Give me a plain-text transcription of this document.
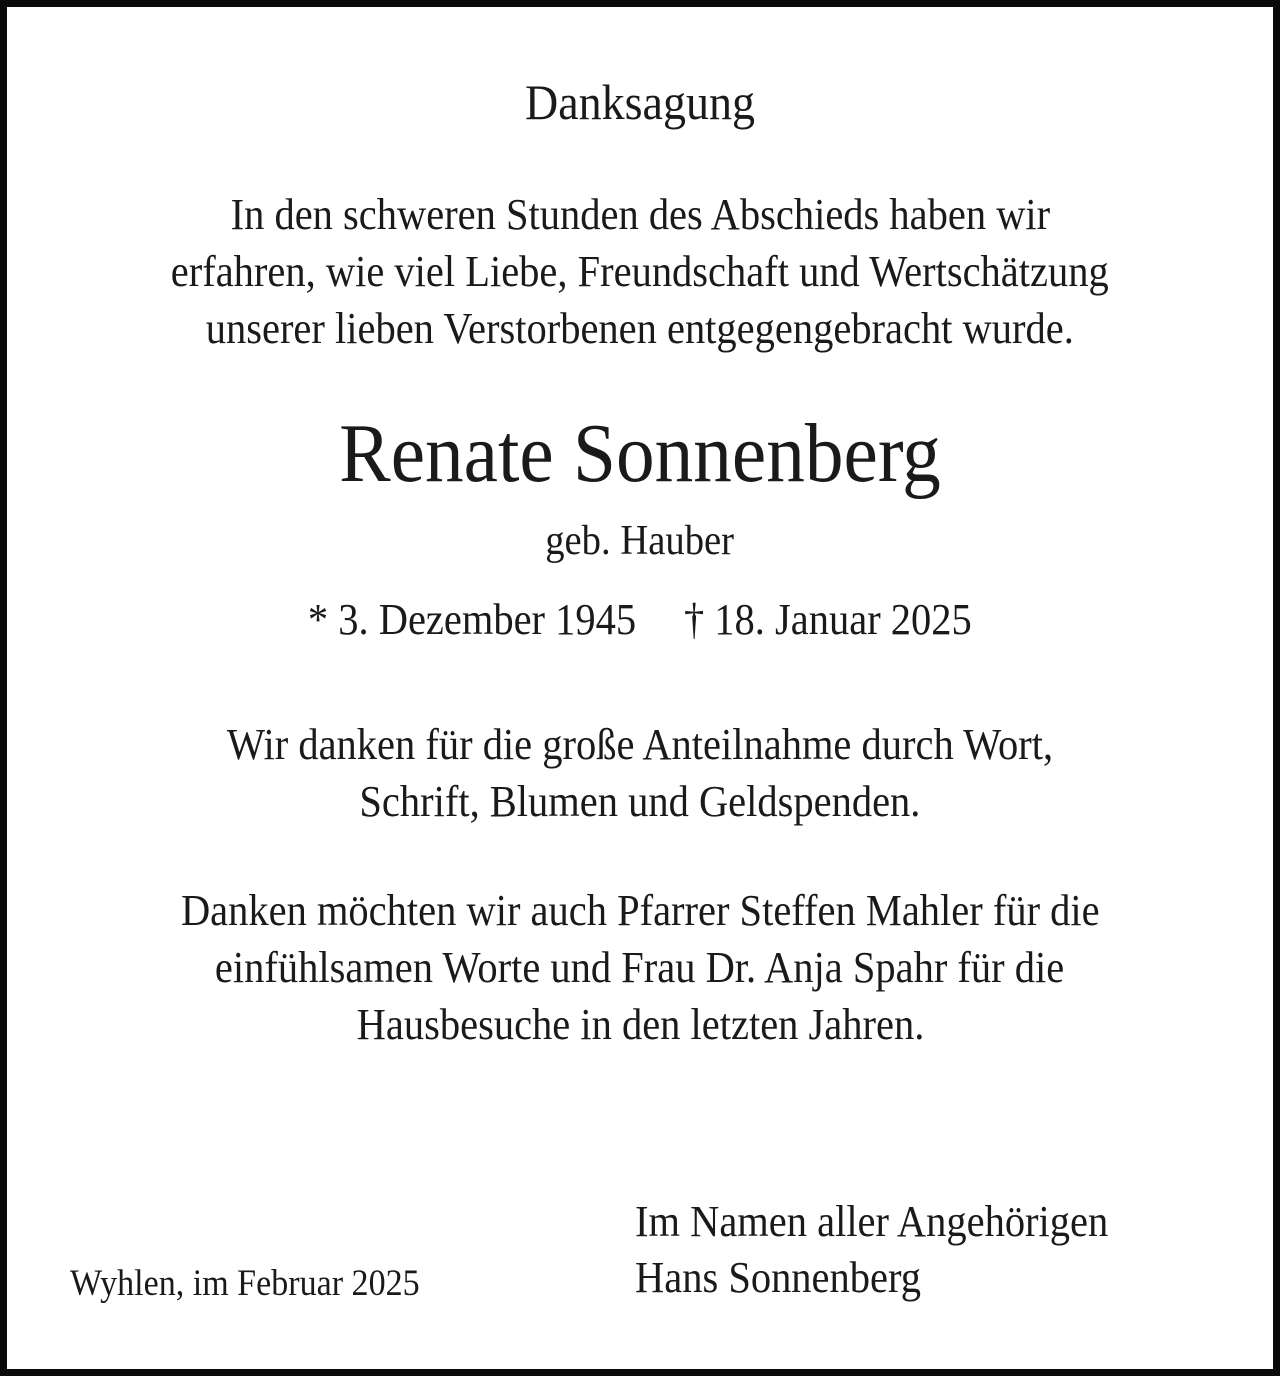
Danksagung
In den schweren Stunden des Abschieds haben wir
erfahren, wie viel Liebe, Freundschaft und Wertschätzung
unserer lieben Verstorbenen entgegengebracht wurde.
Renate Sonnenberg
geb. Hauber
* 3. Dezember 1945 † 18. Januar 2025
Wir danken für die große Anteilnahme durch Wort,
Schrift, Blumen und Geldspenden.
Danken möchten wir auch Pfarrer Steffen Mahler für die
einfühlsamen Worte und Frau Dr. Anja Spahr für die
Hausbesuche in den letzten Jahren.
Wyhlen, im Februar 2025
Im Namen aller Angehörigen
Hans Sonnenberg
